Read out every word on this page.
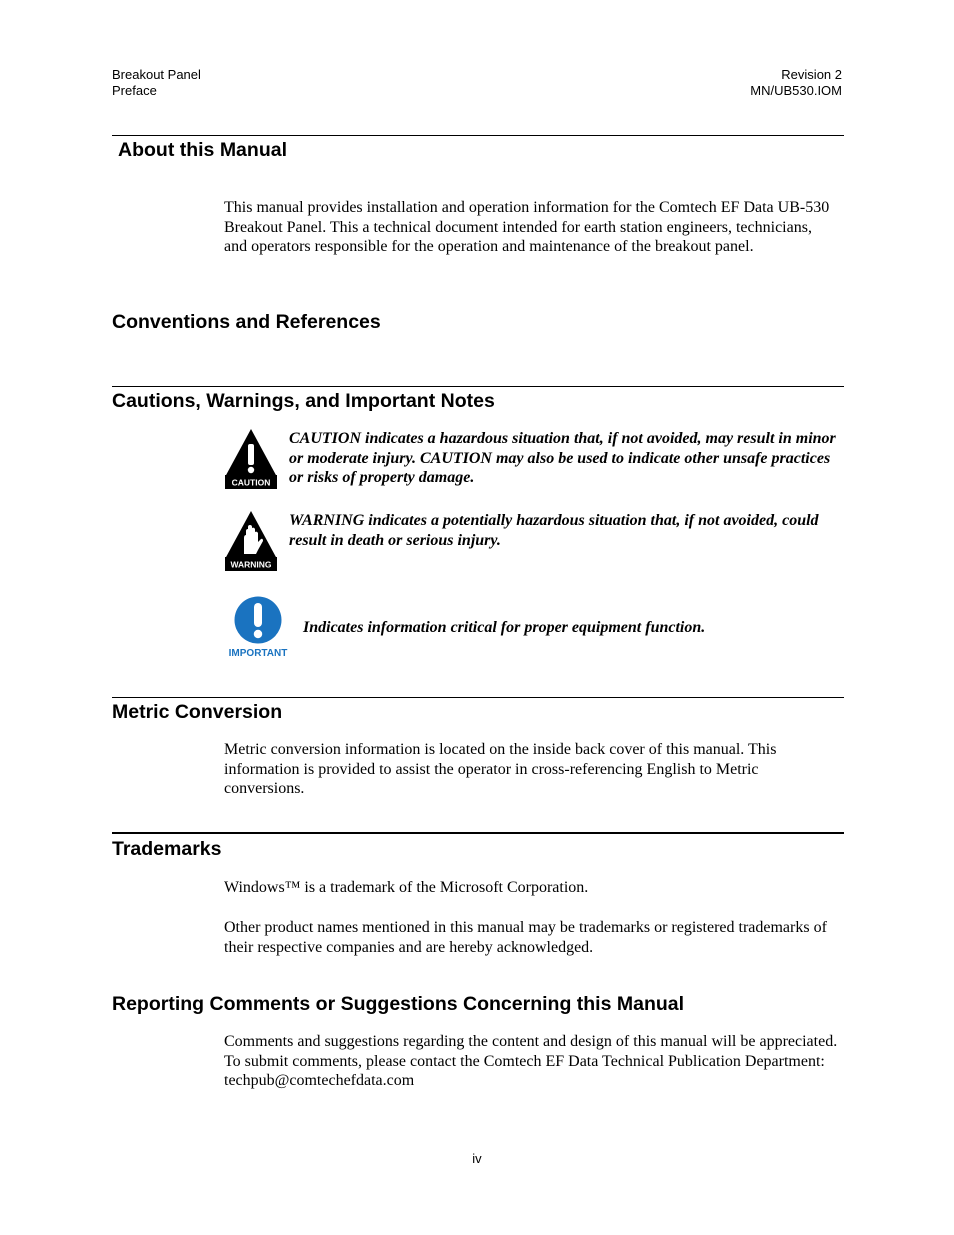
Breakout Panel
Preface
Revision 2
MN/UB530.IOM
About this Manual

This manual provides installation and operation information for the Comtech EF Data UB-530 Breakout Panel. This a technical document intended for earth station engineers, technicians, and operators responsible for the operation and maintenance of the breakout panel.

Conventions and References
Cautions, Warnings, and Important Notes
CAUTION

CAUTION indicates a hazardous situation that, if not avoided, may result in minor or moderate injury. CAUTION may also be used to indicate other unsafe practices or risks of property damage.

WARNING

WARNING indicates a potentially hazardous situation that, if not avoided, could result in death or serious injury.

IMPORTANT

Indicates information critical for proper equipment function.

Metric Conversion

Metric conversion information is located on the inside back cover of this manual. This information is provided to assist the operator in cross-referencing English to Metric conversions.

Trademarks

Windows™ is a trademark of the Microsoft Corporation.

Other product names mentioned in this manual may be trademarks or registered trademarks of their respective companies and are hereby acknowledged.

Reporting Comments or Suggestions Concerning this Manual

Comments and suggestions regarding the content and design of this manual will be appreciated. To submit comments, please contact the Comtech EF Data Technical Publication Department: techpub@comtechefdata.com

iv
